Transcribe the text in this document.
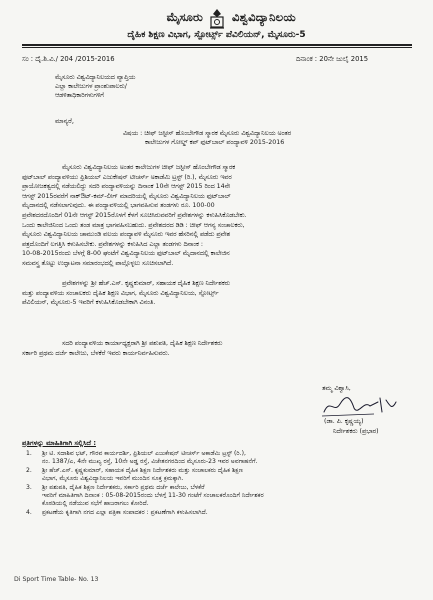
ಮೈಸೂರು	ವಿಶ್ವವಿದ್ಯಾನಿಲಯ
ದೈಹಿಕ ಶಿಕ್ಷಣ ವಿಭಾಗ, ಸ್ಪೋರ್ಟ್ಸ್ ಪೆವಿಲಿಯನ್, ಮೈಸೂರು-5
ಸಂ : ದೈ.ಶಿ.ವಿ./ 204 /2015-2016	ದಿನಾಂಕ : 20ನೇ ಜುಲೈ 2015
ಮೈಸೂರು ವಿಶ್ವವಿದ್ಯಾನಿಲಯದ ವ್ಯಾಪ್ತಿಯ
ಎಲ್ಲಾ ಕಾಲೇಜುಗಳ ಪ್ರಾಂಶುಪಾಲರು/
ಆಡಳಿತಾಧಿಕಾರಿಗಳುಗಳಿಗೆ
ಮಾನ್ಯರೆ,
ವಿಷಯ : ಚೀಫ್ ಜಸ್ಟೀಸ್ ಹೊಂಬೇಗೌಡ ಸ್ಮಾರಕ ಮೈಸೂರು ವಿಶ್ವವಿದ್ಯಾನಿಲಯ ಅಂತರ
ಕಾಲೇಜುಗಳ ಗೋಲ್ಡ್ ಕಪ್ ಫುಟ್‌ಬಾಲ್ ಪಂದ್ಯಾವಳಿ 2015-2016
ಮೈಸೂರು ವಿಶ್ವವಿದ್ಯಾನಿಲಯ ಅಂತರ ಕಾಲೇಜುಗಳ ಚೀಫ್ ಜಸ್ಟೀಸ್ ಹೊಂಬೇಗೌಡ ಸ್ಮಾರಕ
ಫುಟ್‌ಬಾಲ್ ಪಂದ್ಯಾವಳಿಯು ಫ್ರಿಶಿಯಲ್ ಎಜುಕೇಷನ್ ಟೀಚರ್ಸ್ ಅಕಾಡೆಮಿ ಟ್ರಸ್ಟ್ (ರಿ.), ಮೈಸೂರು ಇವರ
ಪ್ರಾಯೋಜಕತ್ವದಲ್ಲಿ ನಡೆಯಲಿದ್ದು ಸದರಿ ಪಂದ್ಯಾವಳಿಯನ್ನು ದಿನಾಂಕ 10ನೇ ಆಗಸ್ಟ್ 2015 ರಿಂದ 14ನೇ
ಆಗಸ್ಟ್ 2015ರವರೆಗೆ ನಾಕ್‌ಔಟ್-ಕಮ್-ಲೀಗ್ ಮಾದರಿಯಲ್ಲಿ ಮೈಸೂರು ವಿಶ್ವವಿದ್ಯಾನಿಲಯ ಫುಟ್‌ಬಾಲ್
ಮೈದಾನದಲ್ಲಿ ನಡೆಸಲಾಗುವುದು. ಈ ಪಂದ್ಯಾವಳಿಯಲ್ಲಿ ಭಾಗವಹಿಸುವ ತಂಡಗಳು ರೂ. 100-00
ಪ್ರವೇಶದರದೊಂದಿಗೆ 01ನೇ ಆಗಸ್ಟ್ 2015ರೊಳಗೆ ಕೆಳಗೆ ಸೂಚಿಸಿರುವವರಿಗೆ ಪ್ರವೇಶಗಳನ್ನು ಕಳುಹಿಸಿಕೊಡಬೇಕು.
ಒಂದು ಕಾಲೇಜಿನಿಂದ ಒಂದು ತಂಡ ಮಾತ್ರ ಭಾಗವಹಿಸಬಹುದು. ಪ್ರವೇಶದರದ ಡಿಡಿ : ಚೀಫ್ ಆಗನ್ಯ ಸಂಚಾಲಕರು,
ಮೈಸೂರು ವಿಶ್ವವಿದ್ಯಾನಿಲಯ ಚಾಮುಂಡಿ ವಲಯ ಪಂದ್ಯಾವಳಿ ಮೈಸೂರು ಇವರ ಹೆಸರಿನಲ್ಲಿ ಪಡೆದು ಪ್ರವೇಶ
ಪತ್ರದೊಂದಿಗೆ ಲಗತ್ತಿಸಿ ಕಳುಹಿಸಬೇಕು. ಪ್ರವೇಶಗಳನ್ನು ಕಳುಹಿಸಿದ ಎಲ್ಲಾ ತಂಡಗಳು ದಿನಾಂಕ :
10-08-2015ರಂದು ಬೆಳಗ್ಗೆ 8-00 ಘಂಟೆಗೆ ವಿಶ್ವವಿದ್ಯಾನಿಲಯ ಫುಟ್‌ಬಾಲ್ ಮೈದಾನದಲ್ಲಿ ಕಾಲೇಜಿನ
ಸಮವಸ್ತ್ರ ತೊಟ್ಟು ಉದ್ಘಾಟನಾ ಸಮಾರಂಭದಲ್ಲಿ ಪಾಲ್ಗೊಳ್ಳಲು ಸೂಚಿಸಲಾಗಿದೆ.
ಪ್ರವೇಶಗಳನ್ನು ಶ್ರೀ ಹೆಚ್.ಎಸ್. ಕೃಷ್ಣಕುಮಾರ್, ಸಹಾಯಕ ದೈಹಿಕ ಶಿಕ್ಷಣ ನಿರ್ದೇಶಕರು
ಮತ್ತು ಪಂದ್ಯಾವಳಿಯ ಸಂಚಾಲಕರು ದೈಹಿಕ ಶಿಕ್ಷಣ ವಿಭಾಗ, ಮೈಸೂರು ವಿಶ್ವವಿದ್ಯಾನಿಲಯ, ಸ್ಪೋರ್ಟ್ಸ್
ಪೆವಿಲಿಯನ್, ಮೈಸೂರು-5 ಇವರಿಗೆ ಕಳುಹಿಸಿಕೊಡಬೇಕಾಗಿ ವಿನಂತಿ.
ಸದರಿ ಪಂದ್ಯಾವಳಿಯ ಕಾರ್ಯಾಧ್ಯಕ್ಷರಾಗಿ ಶ್ರೀ ಪಶುಪತಿ, ದೈಹಿಕ ಶಿಕ್ಷಣ ನಿರ್ದೇಶಕರು
ಸರ್ಕಾರಿ ಪ್ರಥಮ ದರ್ಜೆ ಕಾಲೇಜು, ಬೆಳಕೆರೆ ಇವರು ಕಾರ್ಯನಿರ್ವಹಿಸುವರು.
ತಮ್ಮ ವಿಶ್ವಾಸಿ,
(ಡಾ. ಪಿ. ಕೃಷ್ಣಯ್ಯ)
ನಿರ್ದೇಶಕರು (ಪ್ರಭಾರ)
ಪ್ರತಿಗಳನ್ನು ಮಾಹಿತಿಗಾಗಿ ಸಲ್ಲಿಸಿದೆ :
1. ಶ್ರೀ ಟಿ. ಸದಾಶಿವ ಭಟ್, ಗೌರವ ಕಾರ್ಯದರ್ಶಿ, ಫ್ರಿಶಿಯಲ್ ಎಜುಕೇಷನ್ ಟೀಚರ್ಸ್ ಅಕಾಡೆಮಿ ಟ್ರಸ್ಟ್ (ರಿ.),
ನಂ. 1387/ಎ, 4ನೇ ಮುಖ್ಯ ರಸ್ತೆ, 10ನೇ ಅಡ್ಡ ರಸ್ತೆ, ವಿಜೇತನಗರದಿಂದ ಮೈಸೂರು-23 ಇವರ ಅವಗಾಹನೆಗೆ.
2. ಶ್ರೀ ಹೆಚ್.ಎಸ್. ಕೃಷ್ಣಕುಮಾರ್, ಸಹಾಯಕ ದೈಹಿಕ ಶಿಕ್ಷಣ ನಿರ್ದೇಶಕರು ಮತ್ತು ಸಂಚಾಲಕರು ದೈಹಿಕ ಶಿಕ್ಷಣ
ವಿಭಾಗ, ಮೈಸೂರು ವಿಶ್ವವಿದ್ಯಾನಿಲಯ ಇವರಿಗೆ ಮುಂದಿನ ಸೂಕ್ತ ಕ್ರಮಕ್ಕಾಗಿ.
3. ಶ್ರೀ ಪಶುಪತಿ, ದೈಹಿಕ ಶಿಕ್ಷಣ ನಿರ್ದೇಶಕರು, ಸರ್ಕಾರಿ ಪ್ರಥಮ ದರ್ಜೆ ಕಾಲೇಜು, ಬೆಳಕೆರೆ
ಇವರಿಗೆ ಮಾಹಿತಿಗಾಗಿ ದಿನಾಂಕ : 05-08-2015ರಂದು ಬೆಳಗ್ಗೆ 11-30 ಗಂಟೆಗೆ ಸಂಚಾಲಕರೊಂದಿಗೆ ನಿರ್ದೇಶಕರ
ಕೊಠಡಿಯಲ್ಲಿ ನಡೆಯುವ ಸಭೆಗೆ ಹಾಜರಾಗಲು ಕೋರಿದೆ.
4. ಪ್ರಕಟಣೆಯ ಕೃತಿಗಾಗಿ ನಗದ ಎಲ್ಲಾ ಪತ್ರಿಕಾ ಸಂಪಾದಕರ : ಪ್ರಕಟಣೆಗಾಗಿ ಕಳುಹಿಸಲಾಗಿದೆ.
Di Sport Time Table- No. 13
